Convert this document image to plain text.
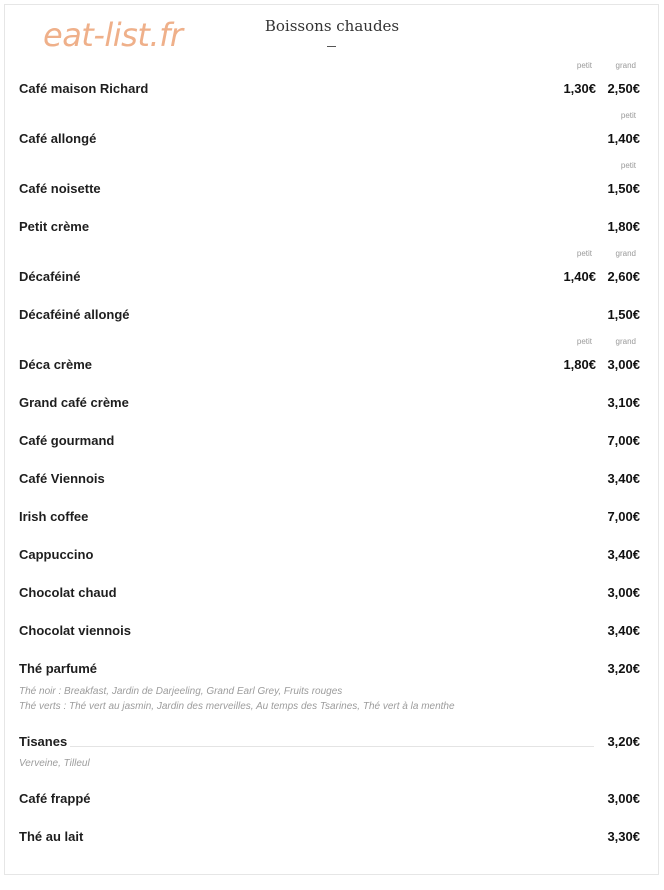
eat-list.fr	Boissons chaudes
Café maison Richard
petit	grand
1,30€ 2,50€
Café allongé
petit
1,40€
Café noisette
petit
1,50€
Petit crème	1,80€
Décaféiné
petit	grand
1,40€ 2,60€
Décaféiné allongé	1,50€
Déca crème
petit	grand
1,80€ 3,00€
Grand café crème	3,10€
Café gourmand	7,00€
Café Viennois	3,40€
Irish coffee	7,00€
Cappuccino	3,40€
Chocolat chaud	3,00€
Chocolat viennois	3,40€
Thé parfumé	3,20€
Thé noir : Breakfast, Jardin de Darjeeling, Grand Earl Grey, Fruits rouges
Thé verts : Thé vert au jasmin, Jardin des merveilles, Au temps des Tsarines, Thé vert à la menthe
Tisanes	3,20€
Verveine, Tilleul
Café frappé	3,00€
Thé au lait	3,30€
